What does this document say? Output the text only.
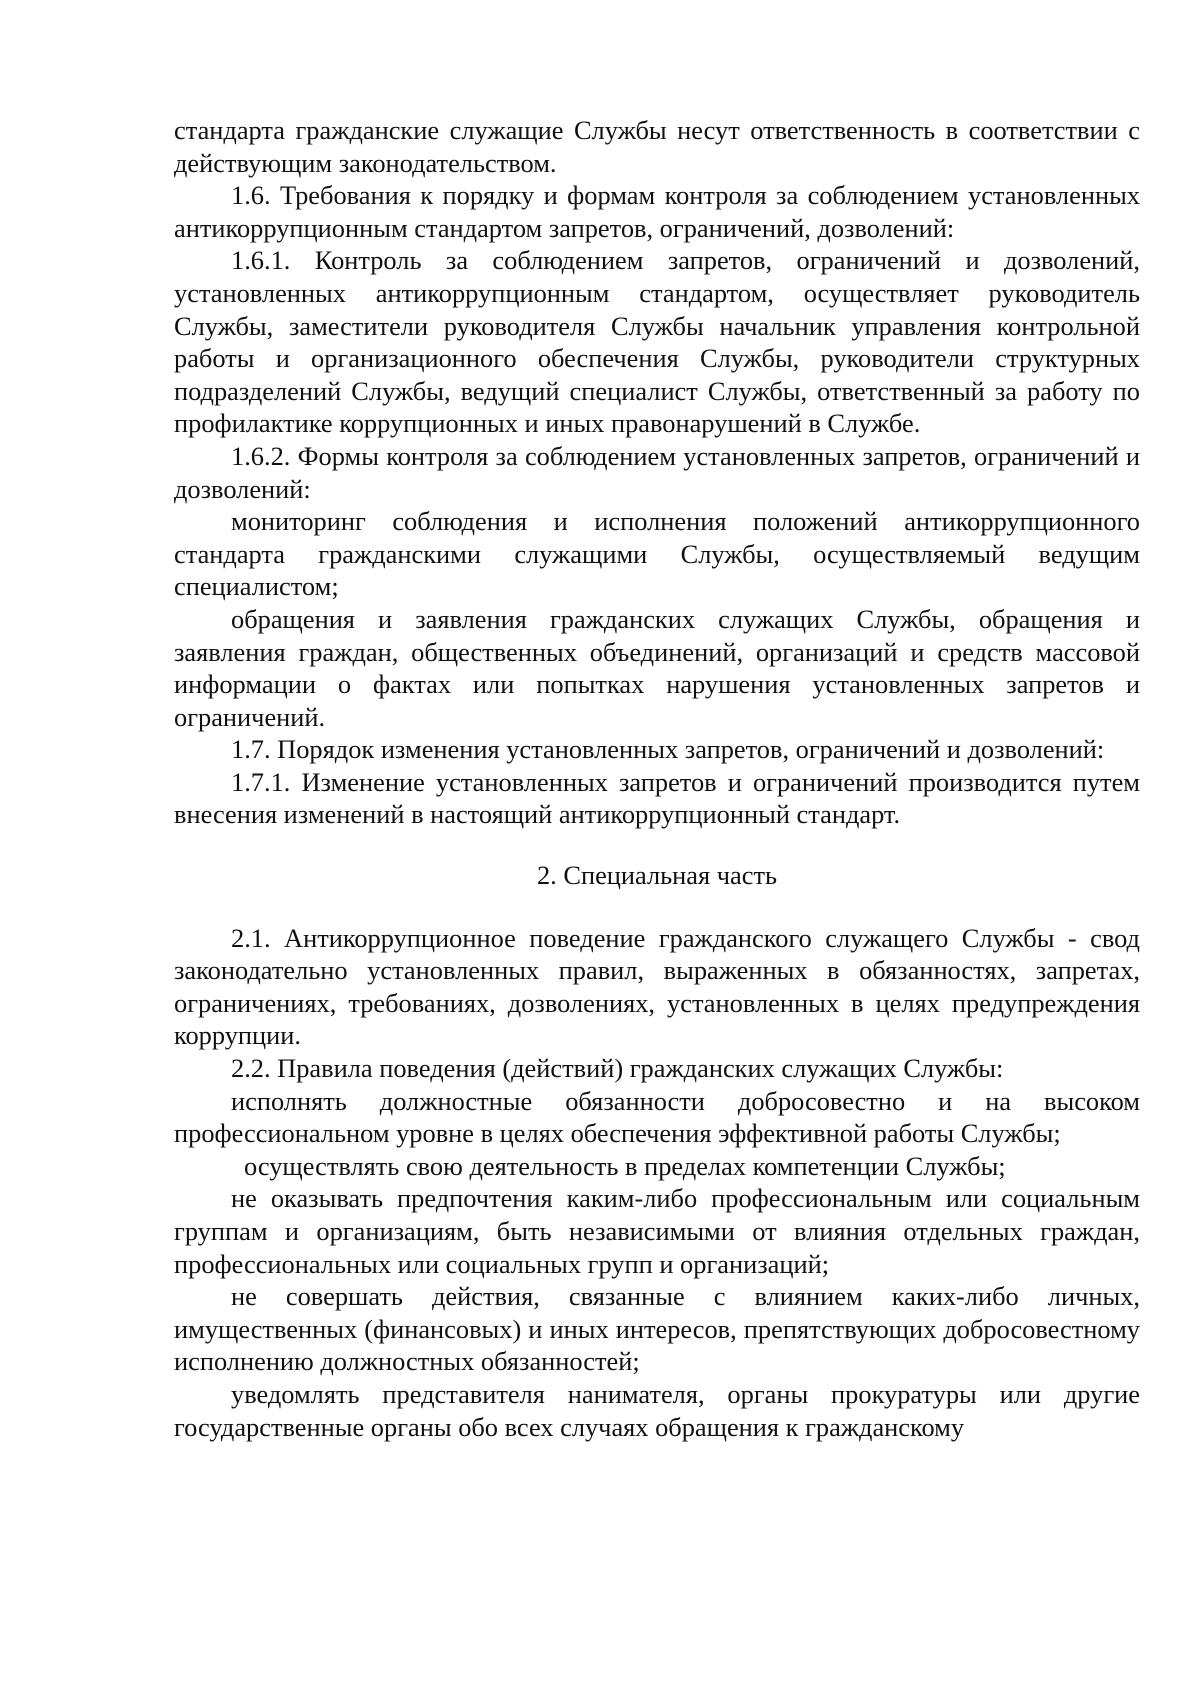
стандарта гражданские служащие Службы несут ответственность в соответствии с действующим законодательством.

1.6. Требования к порядку и формам контроля за соблюдением установленных антикоррупционным стандартом запретов, ограничений, дозволений:

1.6.1. Контроль за соблюдением запретов, ограничений и дозволений, установленных антикоррупционным стандартом, осуществляет руководитель Службы, заместители руководителя Службы начальник управления контрольной работы и организационного обеспечения Службы, руководители структурных подразделений Службы, ведущий специалист Службы, ответственный за работу по профилактике коррупционных и иных правонарушений в Службе.

1.6.2. Формы контроля за соблюдением установленных запретов, ограничений и дозволений:

мониторинг соблюдения и исполнения положений антикоррупционного стандарта гражданскими служащими Службы, осуществляемый ведущим специалистом;

обращения и заявления гражданских служащих Службы, обращения и заявления граждан, общественных объединений, организаций и средств массовой информации о фактах или попытках нарушения установленных запретов и ограничений.

1.7. Порядок изменения установленных запретов, ограничений и дозволений:

1.7.1. Изменение установленных запретов и ограничений производится путем внесения изменений в настоящий антикоррупционный стандарт.

2. Специальная часть

2.1. Антикоррупционное поведение гражданского служащего Службы - свод законодательно установленных правил, выраженных в обязанностях, запретах, ограничениях, требованиях, дозволениях, установленных в целях предупреждения коррупции.

2.2. Правила поведения (действий) гражданских служащих Службы:

исполнять должностные обязанности добросовестно и на высоком профессиональном уровне в целях обеспечения эффективной работы Службы;

осуществлять свою деятельность в пределах компетенции Службы;

не оказывать предпочтения каким-либо профессиональным или социальным группам и организациям, быть независимыми от влияния отдельных граждан, профессиональных или социальных групп и организаций;

не совершать действия, связанные с влиянием каких-либо личных, имущественных (финансовых) и иных интересов, препятствующих добросовестному исполнению должностных обязанностей;

уведомлять представителя нанимателя, органы прокуратуры или другие государственные органы обо всех случаях обращения к гражданскому
